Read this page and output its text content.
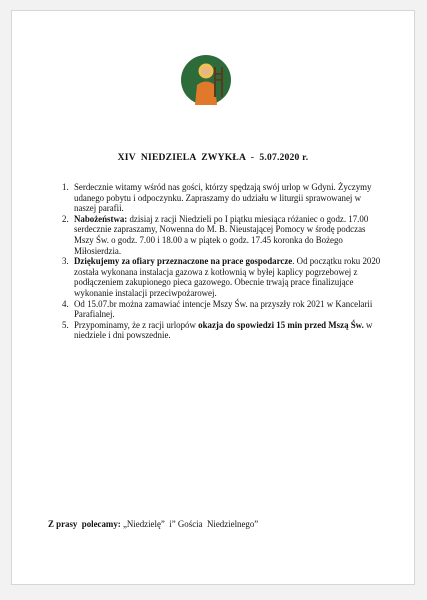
XIV  NIEDZIELA  ZWYKŁA  -  5.07.2020 r.
1. Serdecznie witamy wśród nas gości, którzy spędzają swój urlop w Gdyni. Życzymy udanego pobytu i odpoczynku. Zapraszamy do udziału w liturgii sprawowanej w naszej parafii.
2. Nabożeństwa: dzisiaj z racji Niedzieli po I piątku miesiąca różaniec o godz. 17.00 serdecznie zapraszamy, Nowenna do M. B. Nieustającej Pomocy w środę podczas Mszy Św. o godz. 7.00 i 18.00 a w piątek o godz. 17.45 koronka do Bożego Miłosierdzia.
3. Dziękujemy za ofiary przeznaczone na prace gospodarcze. Od początku roku 2020 została wykonana instalacja gazowa z kotłownią w byłej kaplicy pogrzebowej z podłączeniem zakupionego pieca gazowego. Obecnie trwają prace finalizujące wykonanie instalacji przeciwpożarowej.
4. Od 15.07.br można zamawiać intencje Mszy Św. na przyszły rok 2021 w Kancelarii Parafialnej.
5. Przypominamy, że z racji urlopów okazja do spowiedzi 15 min przed Mszą Św. w niedziele i dni powszednie.
Z prasy  polecamy: „Niedzielę”  i” Gościa  Niedzielnego”
